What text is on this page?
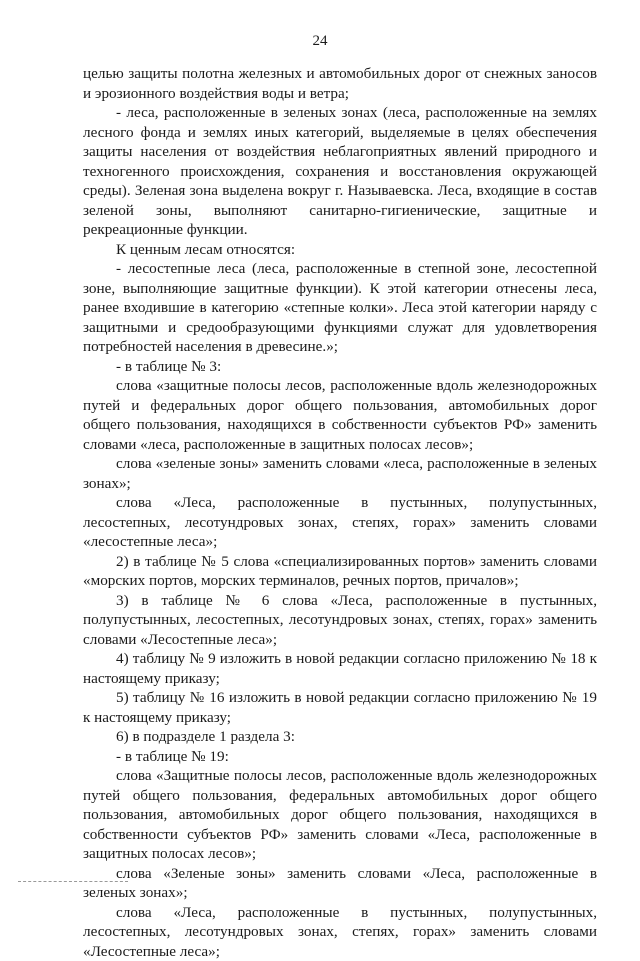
24

целью защиты полотна железных и автомобильных дорог от снежных заносов и эрозионного воздействия воды и ветра;

- леса, расположенные в зеленых зонах (леса, расположенные на землях лесного фонда и землях иных категорий, выделяемые в целях обеспечения защиты населения от воздействия неблагоприятных явлений природного и техногенного происхождения, сохранения и восстановления окружающей среды). Зеленая зона выделена вокруг г. Называевска. Леса, входящие в состав зеленой зоны, выполняют санитарно-гигиенические, защитные и рекреационные функции.

К ценным лесам относятся:

- лесостепные леса (леса, расположенные в степной зоне, лесостепной зоне, выполняющие защитные функции). К этой категории отнесены леса, ранее входившие в категорию «степные колки». Леса этой категории наряду с защитными и средообразующими функциями служат для удовлетворения потребностей населения в древесине.»;

- в таблице № 3:

слова «защитные полосы лесов, расположенные вдоль железнодорожных путей и федеральных дорог общего пользования, автомобильных дорог общего пользования, находящихся в собственности субъектов РФ» заменить словами «леса, расположенные в защитных полосах лесов»;

слова «зеленые зоны» заменить словами «леса, расположенные в зеленых зонах»;

слова «Леса, расположенные в пустынных, полупустынных, лесостепных, лесотундровых зонах, степях, горах» заменить словами «лесостепные леса»;

2) в таблице № 5 слова «специализированных портов» заменить словами «морских портов, морских терминалов, речных портов, причалов»;

3) в таблице № 6 слова «Леса, расположенные в пустынных, полупустынных, лесостепных, лесотундровых зонах, степях, горах» заменить словами «Лесостепные леса»;

4) таблицу № 9 изложить в новой редакции согласно приложению № 18 к настоящему приказу;

5) таблицу № 16 изложить в новой редакции согласно приложению № 19 к настоящему приказу;

6) в подразделе 1 раздела 3:

- в таблице № 19:

слова «Защитные полосы лесов, расположенные вдоль железнодорожных путей общего пользования, федеральных автомобильных дорог общего пользования, автомобильных дорог общего пользования, находящихся в собственности субъектов РФ» заменить словами «Леса, расположенные в защитных полосах лесов»;

слова «Зеленые зоны» заменить словами «Леса, расположенные в зеленых зонах»;

слова «Леса, расположенные в пустынных, полупустынных, лесостепных, лесотундровых зонах, степях, горах» заменить словами «Лесостепные леса»;
